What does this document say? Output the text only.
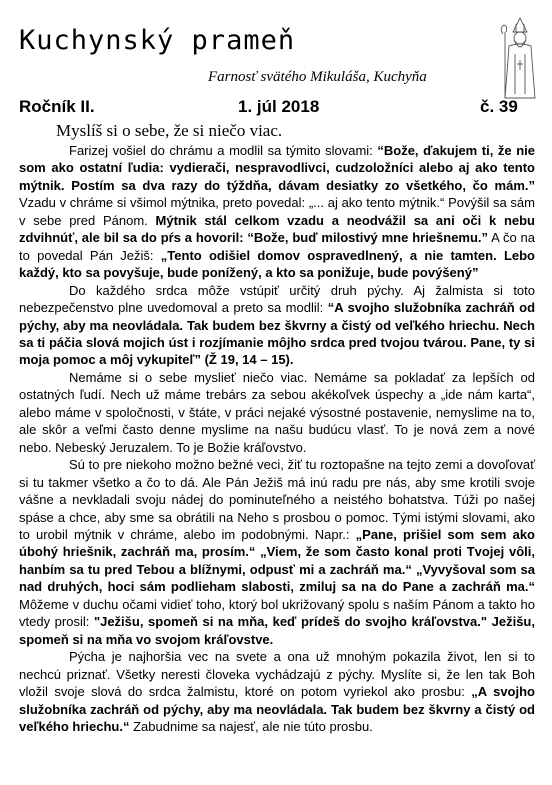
Kuchynský prameň
Farnosť svätého Mikuláša, Kuchyňa
Ročník II.	1. júl 2018	č. 39
Myslíš si o sebe, že si niečo viac.

Farizej vošiel do chrámu a modlil sa týmito slovami: “Bože, ďakujem ti, že nie som ako ostatní ľudia: vydierači, nespravodlivci, cudzoložníci alebo aj ako tento mýtnik. Postím sa dva razy do týždňa, dávam desiatky zo všetkého, čo mám.” Vzadu v chráme si všimol mýtnika, preto povedal: „... aj ako tento mýtnik.“ Povýšil sa sám v sebe pred Pánom. Mýtnik stál celkom vzadu a neodvážil sa ani oči k nebu zdvihnúť, ale bil sa do pŕs a hovoril: “Bože, buď milostivý mne hriešnemu.” A čo na to povedal Pán Ježiš: „Tento odišiel domov ospravedlnený, a nie tamten. Lebo každý, kto sa povyšuje, bude ponížený, a kto sa ponižuje, bude povýšený”

Do každého srdca môže vstúpiť určitý druh pýchy. Aj žalmista si toto nebezpečenstvo plne uvedomoval a preto sa modlil: “A svojho služobníka zachráň od pýchy, aby ma neovládala. Tak budem bez škvrny a čistý od veľkého hriechu. Nech sa ti páčia slová mojich úst i rozjímanie môjho srdca pred tvojou tvárou. Pane, ty si moja pomoc a môj vykupiteľ” (Ž 19, 14 – 15).

Nemáme si o sebe myslieť niečo viac. Nemáme sa pokladať za lepších od ostatných ľudí. Nech už máme trebárs za sebou akékoľvek úspechy a „ide nám karta“, alebo máme v spoločnosti, v štáte, v práci nejaké výsostné postavenie, nemyslime na to, ale skôr a veľmi často denne myslime na našu budúcu vlasť. To je nová zem a nové nebo. Nebeský Jeruzalem. To je Božie kráľovstvo.

Sú to pre niekoho možno bežné veci, žiť tu roztopašne na tejto zemi a dovoľovať si tu takmer všetko a čo to dá. Ale Pán Ježiš má inú radu pre nás, aby sme krotili svoje vášne a nevkladali svoju nádej do pominuteľného a neistého bohatstva. Túži po našej spáse a chce, aby sme sa obrátili na Neho s prosbou o pomoc. Tými istými slovami, ako to urobil mýtnik v chráme, alebo im podobnými. Napr.: „Pane, prišiel som sem ako úbohý hriešnik, zachráň ma, prosím.“ „Viem, že som často konal proti Tvojej vôli, hanbím sa tu pred Tebou a blížnymi, odpusť mi a zachráň ma.“ „Vyvyšoval som sa nad druhých, hoci sám podlieham slabosti, zmiluj sa na do Pane a zachráň ma.“ Môžeme v duchu očami vidieť toho, ktorý bol ukrižovaný spolu s naším Pánom a takto ho vtedy prosil: "Ježišu, spomeň si na mňa, keď prídeš do svojho kráľovstva." Ježišu, spomeň si na mňa vo svojom kráľovstve.

Pýcha je najhoršia vec na svete a ona už mnohým pokazila život, len si to nechcú priznať. Všetky neresti človeka vychádzajú z pýchy. Myslíte si, že len tak Boh vložil svoje slová do srdca žalmistu, ktoré on potom vyriekol ako prosbu: „A svojho služobníka zachráň od pýchy, aby ma neovládala. Tak budem bez škvrny a čistý od veľkého hriechu.“ Zabudnime sa najesť, ale nie túto prosbu.
